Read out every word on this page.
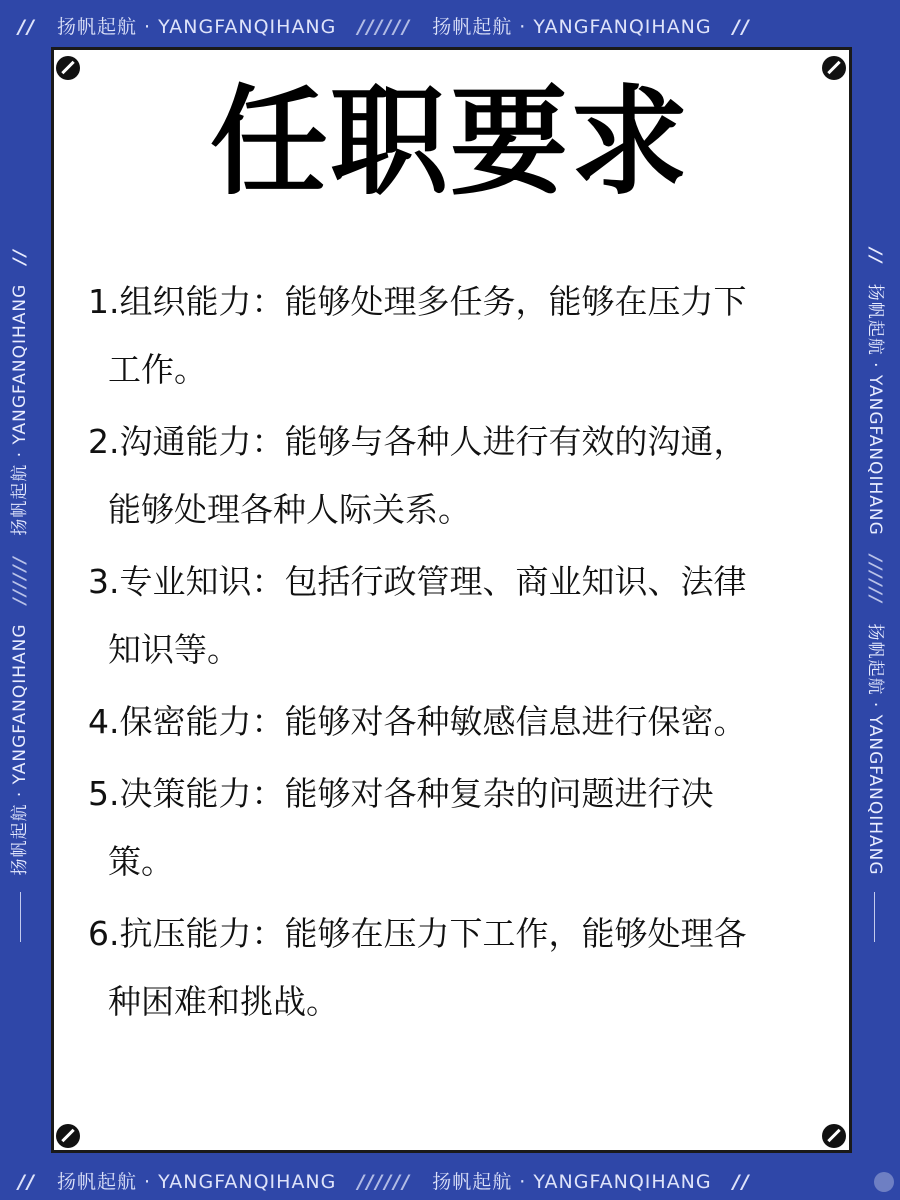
// 扬帆起航 · YANGFANQIHANG ////// 扬帆起航 · YANGFANQIHANG //
// 扬帆起航 · YANGFANQIHANG ////// 扬帆起航 · YANGFANQIHANG //
扬帆起航 · YANGFANQIHANG   //////   扬帆起航 · YANGFANQIHANG   //	//   扬帆起航 · YANGFANQIHANG   //////   扬帆起航 · YANGFANQIHANG
任职要求
1.组织能力：能够处理多任务，能够在压力下
工作。
2.沟通能力：能够与各种人进行有效的沟通，
能够处理各种人际关系。
3.专业知识：包括行政管理、商业知识、法律
知识等。
4.保密能力：能够对各种敏感信息进行保密。
5.决策能力：能够对各种复杂的问题进行决
策。
6.抗压能力：能够在压力下工作，能够处理各
种困难和挑战。
